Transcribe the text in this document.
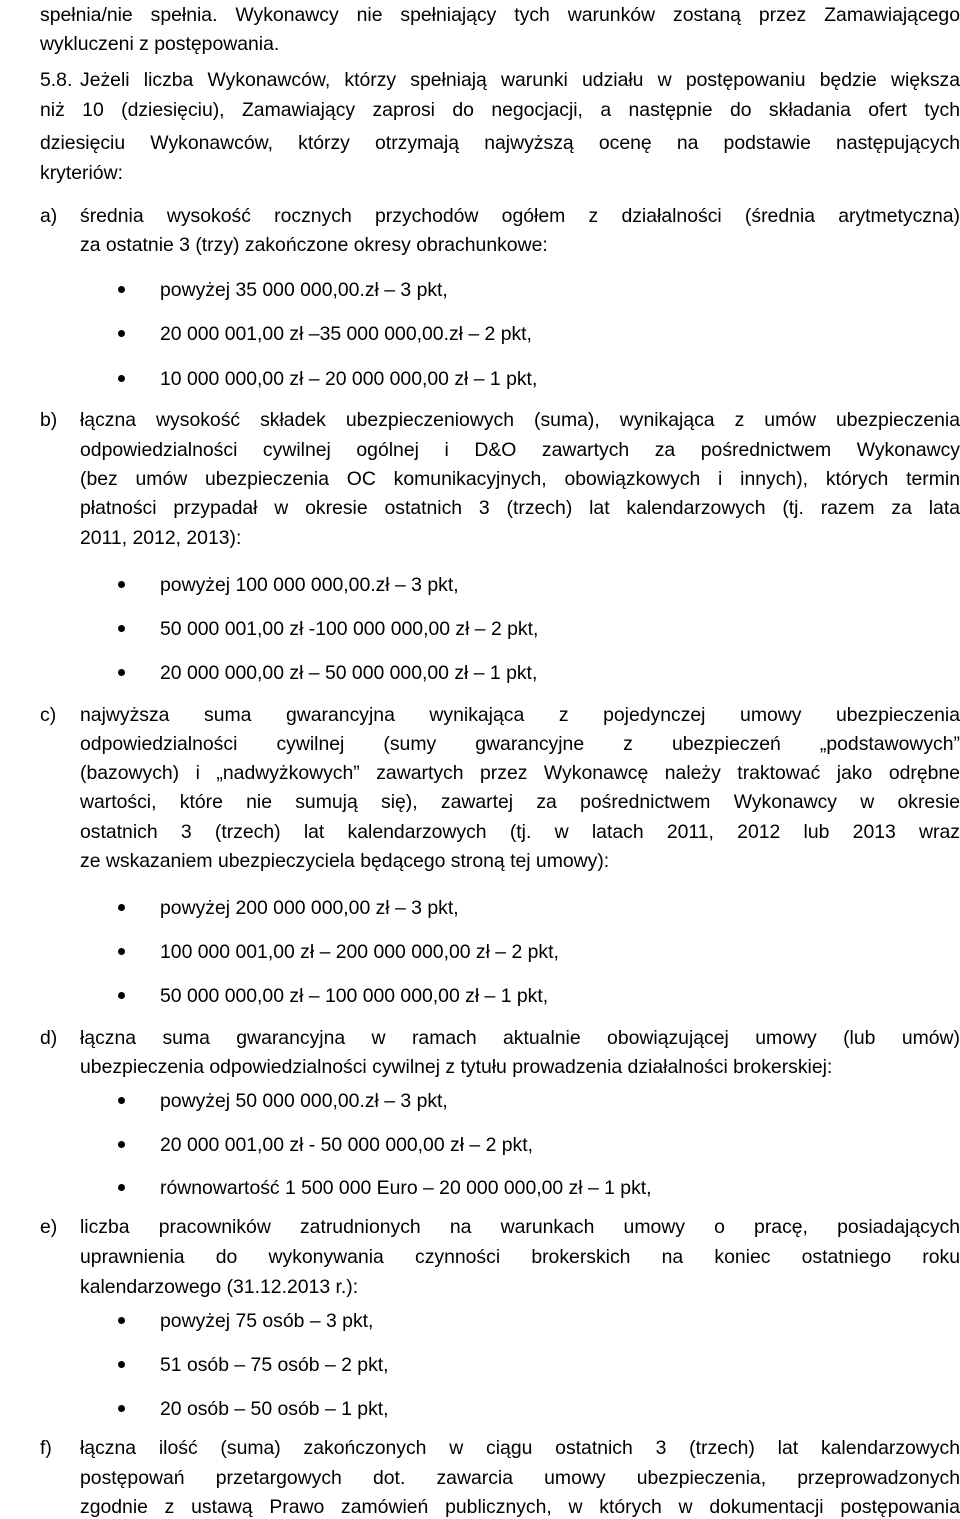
spełnia/nie spełnia. Wykonawcy nie spełniający tych warunków zostaną przez Zamawiającego

wykluczeni z postępowania.

5.8. Jeżeli liczba Wykonawców, którzy spełniają warunki udziału w postępowaniu będzie większa

niż 10 (dziesięciu), Zamawiający zaprosi do negocjacji, a następnie do składania ofert tych

dziesięciu Wykonawców, którzy otrzymają najwyższą ocenę na podstawie następujących

kryteriów:

a) średnia wysokość rocznych przychodów ogółem z działalności (średnia arytmetyczna)

za ostatnie 3 (trzy) zakończone okresy obrachunkowe:

powyżej 35 000 000,00.zł – 3 pkt,

20 000 001,00 zł –35 000 000,00.zł – 2 pkt,

10 000 000,00 zł – 20 000 000,00 zł – 1 pkt,

b) łączna wysokość składek ubezpieczeniowych (suma), wynikająca z umów ubezpieczenia

odpowiedzialności cywilnej ogólnej i D&O zawartych za pośrednictwem Wykonawcy

(bez umów ubezpieczenia OC komunikacyjnych, obowiązkowych i innych), których termin

płatności przypadał w okresie ostatnich 3 (trzech) lat kalendarzowych (tj. razem za lata

2011, 2012, 2013):

powyżej 100 000 000,00.zł – 3 pkt,

50 000 001,00 zł -100 000 000,00 zł – 2 pkt,

20 000 000,00 zł – 50 000 000,00 zł – 1 pkt,

c) najwyższa suma gwarancyjna wynikająca z pojedynczej umowy ubezpieczenia

odpowiedzialności cywilnej (sumy gwarancyjne z ubezpieczeń „podstawowych”

(bazowych) i „nadwyżkowych” zawartych przez Wykonawcę należy traktować jako odrębne

wartości, które nie sumują się), zawartej za pośrednictwem Wykonawcy w okresie

ostatnich 3 (trzech) lat kalendarzowych (tj. w latach 2011, 2012 lub 2013 wraz

ze wskazaniem ubezpieczyciela będącego stroną tej umowy):

powyżej 200 000 000,00 zł – 3 pkt,

100 000 001,00 zł – 200 000 000,00 zł – 2 pkt,

50 000 000,00 zł – 100 000 000,00 zł – 1 pkt,

d) łączna suma gwarancyjna w ramach aktualnie obowiązującej umowy (lub umów)

ubezpieczenia odpowiedzialności cywilnej z tytułu prowadzenia działalności brokerskiej:

powyżej 50 000 000,00.zł – 3 pkt,

20 000 001,00 zł - 50 000 000,00 zł – 2 pkt,

równowartość 1 500 000 Euro – 20 000 000,00 zł – 1 pkt,

e) liczba pracowników zatrudnionych na warunkach umowy o pracę, posiadających

uprawnienia do wykonywania czynności brokerskich na koniec ostatniego roku

kalendarzowego (31.12.2013 r.):

powyżej 75 osób – 3 pkt,

51 osób – 75 osób – 2 pkt,

20 osób – 50 osób – 1 pkt,

f) łączna ilość (suma) zakończonych w ciągu ostatnich 3 (trzech) lat kalendarzowych

postępowań przetargowych dot. zawarcia umowy ubezpieczenia, przeprowadzonych

zgodnie z ustawą Prawo zamówień publicznych, w których w dokumentacji postępowania
